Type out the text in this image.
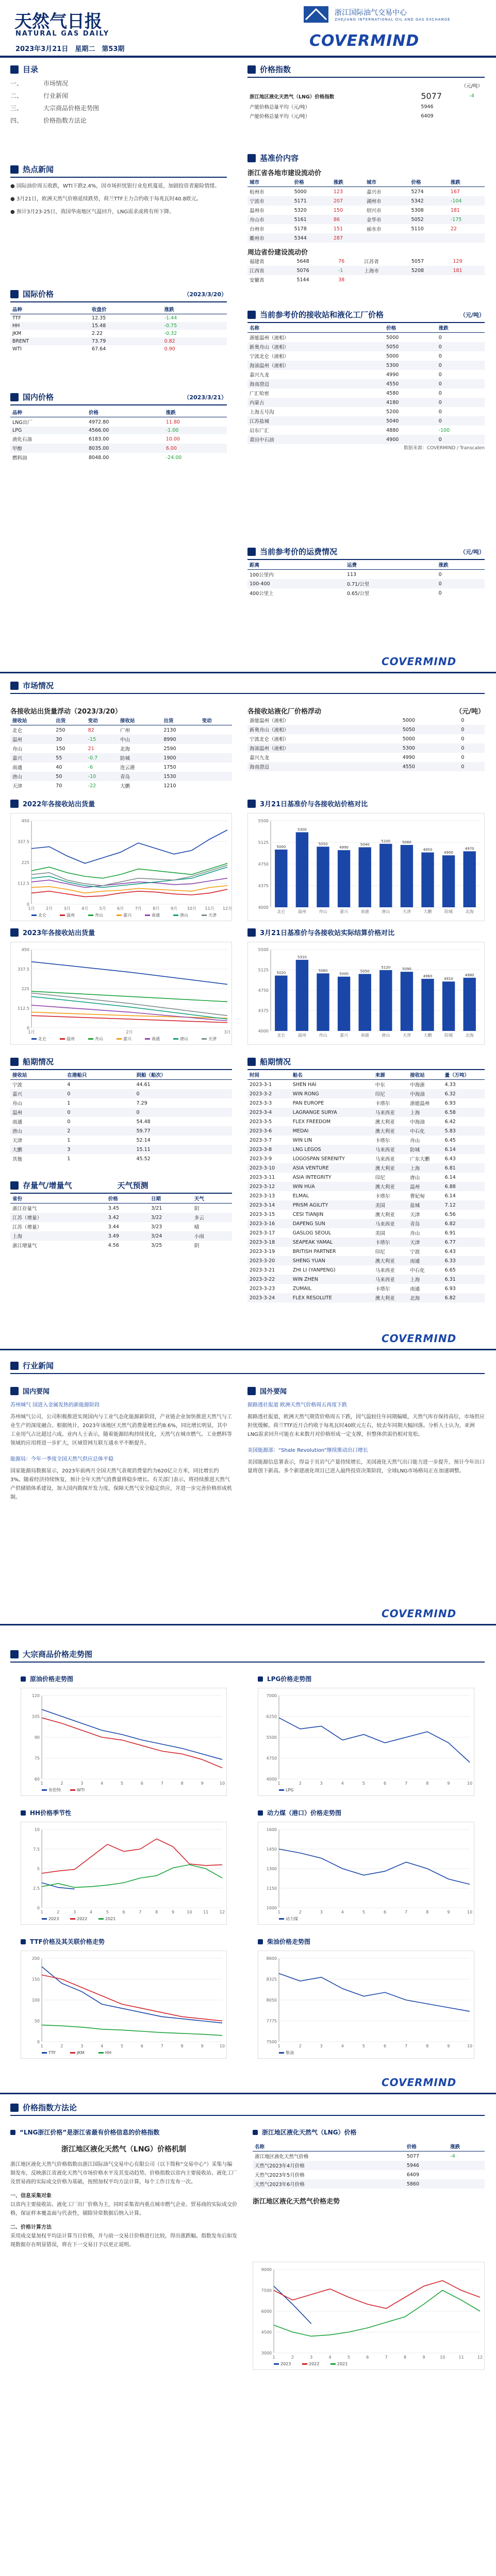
天然气日报
NATURAL GAS DAILY
2023年3月21日　星期二　第53期
浙江国际油气交易中心
ZHEJIANG INTERNATIONAL OIL AND GAS EXCHANGE
COVERMIND
目录
一、	市场情况
二、	行业新闻
三、	大宗商品价格走势图
四、	价格指数方法论
热点新闻

● 国际油价周五收跌，WTI下跌2.4%，因市场担忧银行业危机蔓延，加剧投资者避险情绪。

● 3月21日，欧洲天然气价格延续跌势，荷兰TTF主力合约收于每兆瓦时40.8欧元。

● 预计3月23-25日，我国华南地区气温回升，LNG需求或将有所下降。

价格指数
（元/吨）		
浙江地区液化天然气（LNG）价格指数	5077	-4
产能价格总量平均（元/吨）	5946	
产能价格总量平均（元/吨）	6409	
国际价格	（2023/3/20）
品种	收盘价	涨跌
TTF	12.35	-1.44
HH	15.48	-0.75
JKM	2.22	-0.32
BRENT	73.79	0.82
WTI	67.64	0.90
国内价格	（2023/3/21）
品种	价格	涨跌
LNG出厂	4972.80	11.80
LPG	4566.00	-1.00
液化石油	6183.00	10.00
甲醇	8035.00	6.00
燃料油	8048.00	-24.00
基准价内容
浙江省各地市建设流动价
城市	价格	涨跌	城市	价格	涨跌
杭州市	5000	123	嘉兴市	5274	167
宁波市	5171	207	湖州市	5342	-104
温州市	5320	150	绍兴市	5308	181
舟山市	5161	86	金华市	5052	-175
台州市	5178	151	丽水市	5110	22
衢州市	5344	287			
周边省份建设流动价
福建省	5648	76	江苏省	5057	129
江西省	5076	-1	上海市	5208	181
安徽省	5144	38			
当前参考价的接收站和液化工厂价格	（元/吨）
名称	价格	涨跌
浙能温州（液相）	5000	0
新奥舟山（液相）	5050	0
宁波北仑（液相）	5000	0
海油温州（液相）	5300	0
嘉兴九龙	4990	0
海南澄迈	4550	0
广汇哈密	4580	0
内蒙古	4180	0
上海五号沟	5200	0
江苏盐城	5040	0
启东广汇	4880	-100
莆田中石油	4900	0
数据来源：COVERMIND / Transcalen
当前参考价的运费情况	（元/吨）
距离	运费	涨跌
100公里内	113	0
100-400	0.71/公里	0
400公里上	0.65/公里	0
COVERMIND
市场情况
各接收站出货量浮动（2023/3/20）
接收站	出货	变动	接收站	出货	变动
北仑	250	82	广州	2130	
温州	30	-15	中山	8990	
舟山	150	21	北海	2590	
嘉兴	55	-0.7	防城	1900	
南通	40	-6	连云港	1750	
唐山	50	-10	青岛	1530	
天津	70	-22	大鹏	1210	
各接收站液化厂价格浮动	（元/吨）
浙能温州（液相）	5000	0
新奥舟山（液相）	5050	0
宁波北仑（液相）	5000	0
海油温州（液相）	5300	0
嘉兴九龙	4990	0
海南澄迈	4550	0
2022年各接收站出货量
0
112.5
225
337.5
450
1月	2月	3月	4月	5月	6月	7月	8月	9月 10月 11月 12月
北仑	温州	舟山	嘉兴	南通	唐山	天津
3月21日基准价与各接收站价格对比
4000
4375
4750
5125
5500
北仑
5000
温州
5300
舟山
5050
嘉兴
4990
南通
5040
唐山
5100
天津
5080
大鹏
4950
防城
4900
北海
4970
2023年各接收站出货量
0
112.5
225
337.5
450
1月	2月	3月
北仑	温州	舟山	嘉兴	南通	唐山	天津
3月21日基准价与各接收站实际结算价格对比
4000
4375
4750
5125
5500
北仑
5020
温州
5310
舟山
5060
嘉兴
5000
南通
5050
唐山
5120
天津
5090
大鹏
4960
防城
4910
北海
4980
船期情况
接收站	在港船只	到船（船次）
宁波	4	44.61
嘉兴	0	0
舟山	1	7.29
温州	0	0
南通	0	54.48
唐山	2	59.77
天津	1	52.14
大鹏	3	15.11
其他	1	45.52
存量气/增量气	天气预测
省份	价格	日期	天气
浙江存量气	3.45	3/21	阴
江苏（增量）	3.42	3/22	多云
江苏（增量）	3.44	3/23	晴
上海	3.49	3/24	小雨
浙江增量气	4.56	3/25	阴
船期情况
时间	船名	来源	接收站	量（万吨）
2023-3-1	SHEN HAI	中东	中海浙	4.33
2023-3-2	WIN RONG	印尼	中海油	6.32
2023-3-3	PAN EUROPE	卡塔尔	浙能温州	6.93
2023-3-4	LAGRANGE SURYA	马来西亚	上海	6.58
2023-3-5	FLEX FREEDOM	澳大利亚	中海油	6.42
2023-3-6	MEDAI	澳大利亚	中石化	5.83
2023-3-7	WIN LIN	卡塔尔	舟山	6.45
2023-3-8	LNG LEGOS	马来西亚	防城	6.14
2023-3-9	LOGOSPAN SERENITY	马来西亚	广东大鹏	6.43
2023-3-10	ASIA VENTURE	澳大利亚	上海	6.81
2023-3-11	ASIA INTEGRITY	印尼	唐山	6.14
2023-3-12	WIN HUA	澳大利亚	温州	6.88
2023-3-13	ELMAL	卡塔尔	曹妃甸	6.14
2023-3-14	PRISM AGILITY	美国	盐城	7.12
2023-3-15	CESI TIANJIN	澳大利亚	天津	6.56
2023-3-16	DAPENG SUN	马来西亚	青岛	6.82
2023-3-17	GASLOG SEOUL	美国	舟山	6.91
2023-3-18	SEAPEAK YAMAL	卡塔尔	天津	6.77
2023-3-19	BRITISH PARTNER	印尼	宁波	6.43
2023-3-20	SHENG YUAN	澳大利亚	南通	6.33
2023-3-21	ZHI LI (YANPENG)	马来西亚	中石化	6.65
2023-3-22	WIN ZHEN	马来西亚	上海	6.31
2023-3-23	ZUMAIL	卡塔尔	南通	6.93
2023-3-24	FLEX RESOLUTE	澳大利亚	北海	6.82
COVERMIND
行业新闻
国内要闻
苏州城气 国进入金属发热的新能源阶段
苏州城气公司，公司积极推进实现国内与工业气态化能源新阶段，产业链企业加快推进天然气与工业生产的深度融合。根据统计，2023年该地区天然气消费量增长约8.6%，同比增长明显，其中工业用气占比超过六成。业内人士表示，随着能源结构持续优化，天然气在城市燃气、工业燃料等领域的应用将进一步扩大，区域管网互联互通水平不断提升。
能源局：今年一季度全国天然气供应总体平稳
国家能源局数据显示，2023年前两月全国天然气表观消费量约为620亿立方米，同比增长约3%。随着经济持续恢复，预计全年天然气消费量将稳步增长。有关部门表示，将持续推进天然气产供储销体系建设，加大国内勘探开发力度，保障天然气安全稳定供应，并进一步完善价格形成机制。
国外要闻
据路透社报道 欧洲天然气价格周五再度下跌
据路透社报道，欧洲天然气期货价格周五下跌，因气温较往年同期偏暖，天然气库存保持高位，市场供应担忧缓解。荷兰TTF近月合约收于每兆瓦时40欧元左右，较去年同期大幅回落。分析人士认为，亚洲LNG需求回升可能在未来数月对价格形成一定支撑，但整体供需仍相对宽松。
美国能源部：“Shale Revolution”继续推动出口增长
美国能源信息署表示，得益于页岩气产量持续增长，美国液化天然气出口能力进一步提升，预计今年出口量将创下新高。多个新建液化项目已进入最终投资决策阶段，全球LNG市场格局正在加速调整。
COVERMIND
大宗商品价格走势图
原油价格走势图
60
75
90
105
120
1	2	3	4	5	6	7	8	9	10
布伦特	WTI
LPG价格走势图
4000
4750
5500
6250
7000
1	2	3	4	5	6	7	8	9	10
LPG
HH价格季节性
0
2.5
5
7.5
10
1	2	3	4	5	6	7	8	9	10	11	12
2023	2022	2021
动力煤（港口）价格走势图
1000
1150
1300
1450
1600
1	2	3	4	5	6	7	8	9	10
动力煤
TTF价格及其关联价格走势
0
50
100
150
200
1	2	3	4	5	6	7	8	9	10
TTF	JKM	HH
柴油价格走势图
7500
7775
8050
8325
8600
1	2	3	4	5	6	7	8	9	10
柴油
COVERMIND
价格指数方法论
“LNG浙江价格”是浙江省最有价格信息的价格指数
浙江地区液化天然气（LNG）价格机制
浙江地区液化天然气价格指数由浙江国际油气交易中心有限公司（以下简称“交易中心”）采集与编制发布，反映浙江省液化天然气市场价格水平及其变动趋势。价格指数以省内主要接收站、液化工厂及贸易商的实际成交价格为基础，按照加权平均方法计算，每个工作日发布一次。
一、信息采集对象
以省内主要接收站、液化工厂出厂价格为主，同时采集省内重点城市燃气企业、贸易商的实际成交价格，保证样本覆盖面与代表性，剔除异常数据后纳入计算。
二、价格计算方法
采用成交量加权平均法计算当日价格，并与前一交易日价格进行比较，得出涨跌幅。指数发布后如发现数据存在明显错误，将在下一交易日予以更正说明。
浙江地区液化天然气（LNG）价格
名称	价格	涨跌
浙江地区液化天然气价格	5077	-4
天然气2023年4月价格	5946	
天然气2023年5月价格	6409	
天然气2023年6月价格	5860	
浙江地区液化天然气价格走势
3000
4500
6000
7500
9000
1	2	3	4	5	6	7	8	9	10	11	12
2023	2022	2021
